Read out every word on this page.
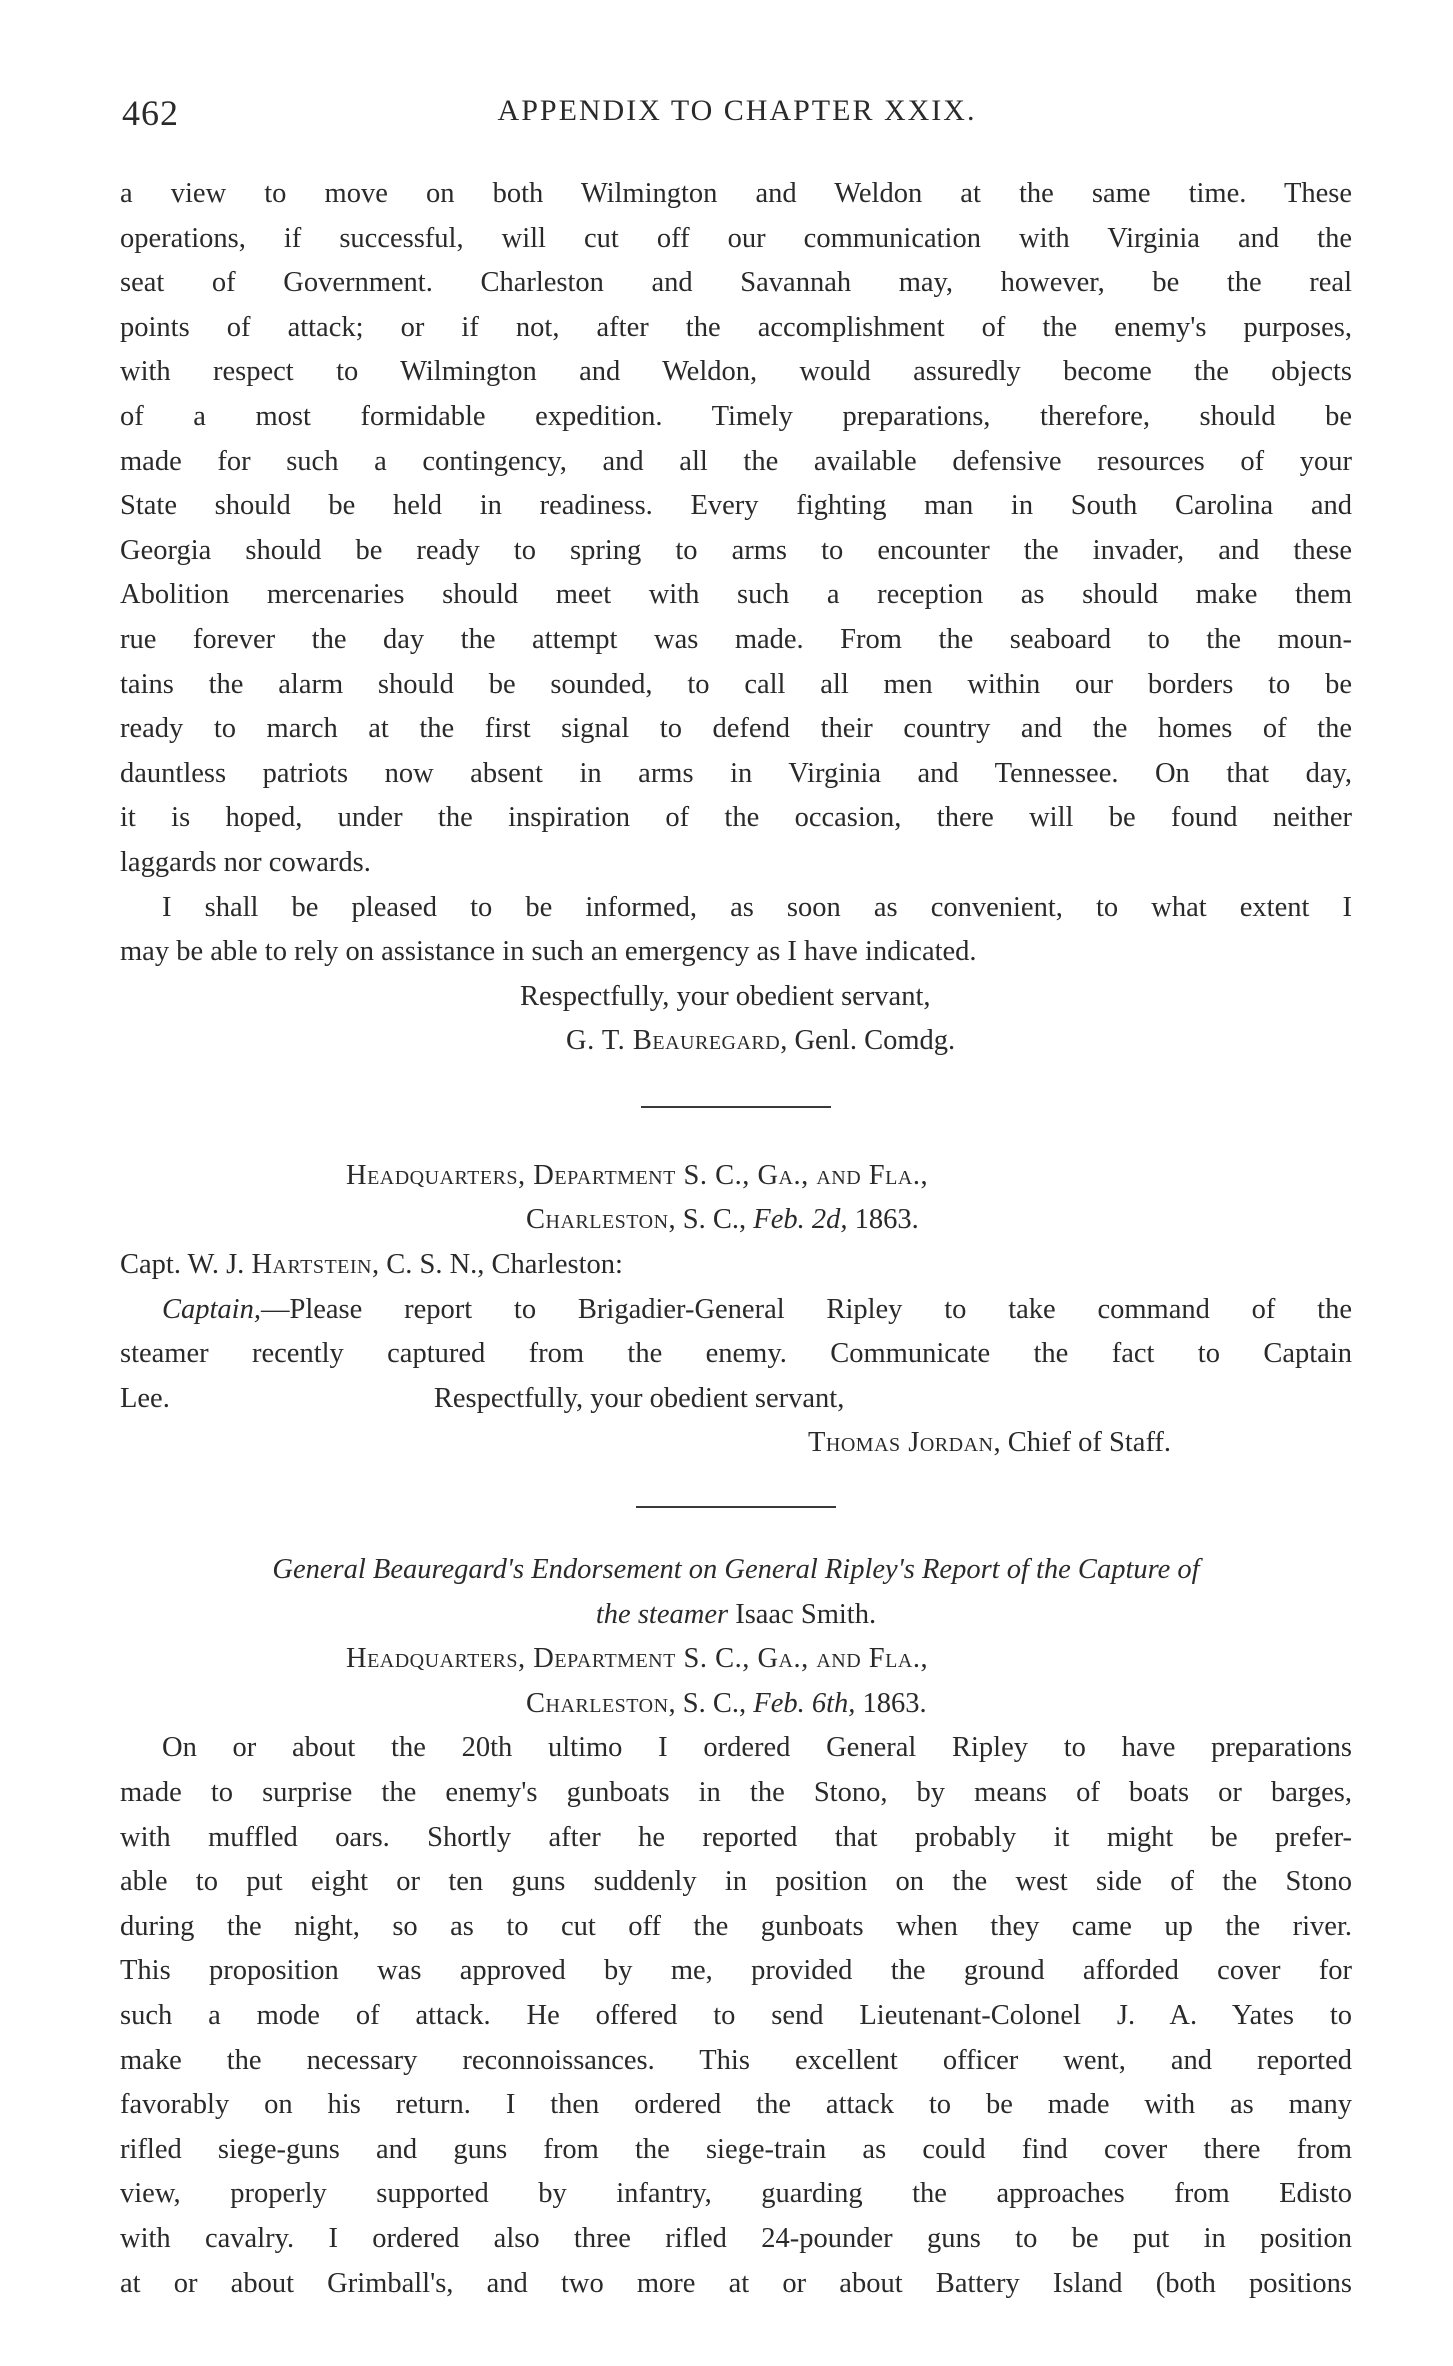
462	APPENDIX TO CHAPTER XXIX.

a view to move on both Wilmington and Weldon at the same time. These

operations, if successful, will cut off our communication with Virginia and the

seat of Government. Charleston and Savannah may, however, be the real

points of attack; or if not, after the accomplishment of the enemy's purposes,

with respect to Wilmington and Weldon, would assuredly become the objects

of a most formidable expedition. Timely preparations, therefore, should be

made for such a contingency, and all the available defensive resources of your

State should be held in readiness. Every fighting man in South Carolina and

Georgia should be ready to spring to arms to encounter the invader, and these

Abolition mercenaries should meet with such a reception as should make them

rue forever the day the attempt was made. From the seaboard to the moun-

tains the alarm should be sounded, to call all men within our borders to be

ready to march at the first signal to defend their country and the homes of the

dauntless patriots now absent in arms in Virginia and Tennessee. On that day,

it is hoped, under the inspiration of the occasion, there will be found neither

laggards nor cowards.

I shall be pleased to be informed, as soon as convenient, to what extent I

may be able to rely on assistance in such an emergency as I have indicated.

Respectfully, your obedient servant,

G. T. Beauregard, Genl. Comdg.

Headquarters, Department S. C., Ga., and Fla.,

Charleston, S. C., Feb. 2d, 1863.

Capt. W. J. Hartstein, C. S. N., Charleston:

Captain,—Please report to Brigadier-General Ripley to take command of the

steamer recently captured from the enemy. Communicate the fact to Captain

Lee.	Respectfully, your obedient servant,

Thomas Jordan, Chief of Staff.

General Beauregard's Endorsement on General Ripley's Report of the Capture of

the steamer Isaac Smith.

Headquarters, Department S. C., Ga., and Fla.,

Charleston, S. C., Feb. 6th, 1863.

On or about the 20th ultimo I ordered General Ripley to have preparations

made to surprise the enemy's gunboats in the Stono, by means of boats or barges,

with muffled oars. Shortly after he reported that probably it might be prefer-

able to put eight or ten guns suddenly in position on the west side of the Stono

during the night, so as to cut off the gunboats when they came up the river.

This proposition was approved by me, provided the ground afforded cover for

such a mode of attack. He offered to send Lieutenant-Colonel J. A. Yates to

make the necessary reconnoissances. This excellent officer went, and reported

favorably on his return. I then ordered the attack to be made with as many

rifled siege-guns and guns from the siege-train as could find cover there from

view, properly supported by infantry, guarding the approaches from Edisto

with cavalry. I ordered also three rifled 24-pounder guns to be put in position

at or about Grimball's, and two more at or about Battery Island (both positions
